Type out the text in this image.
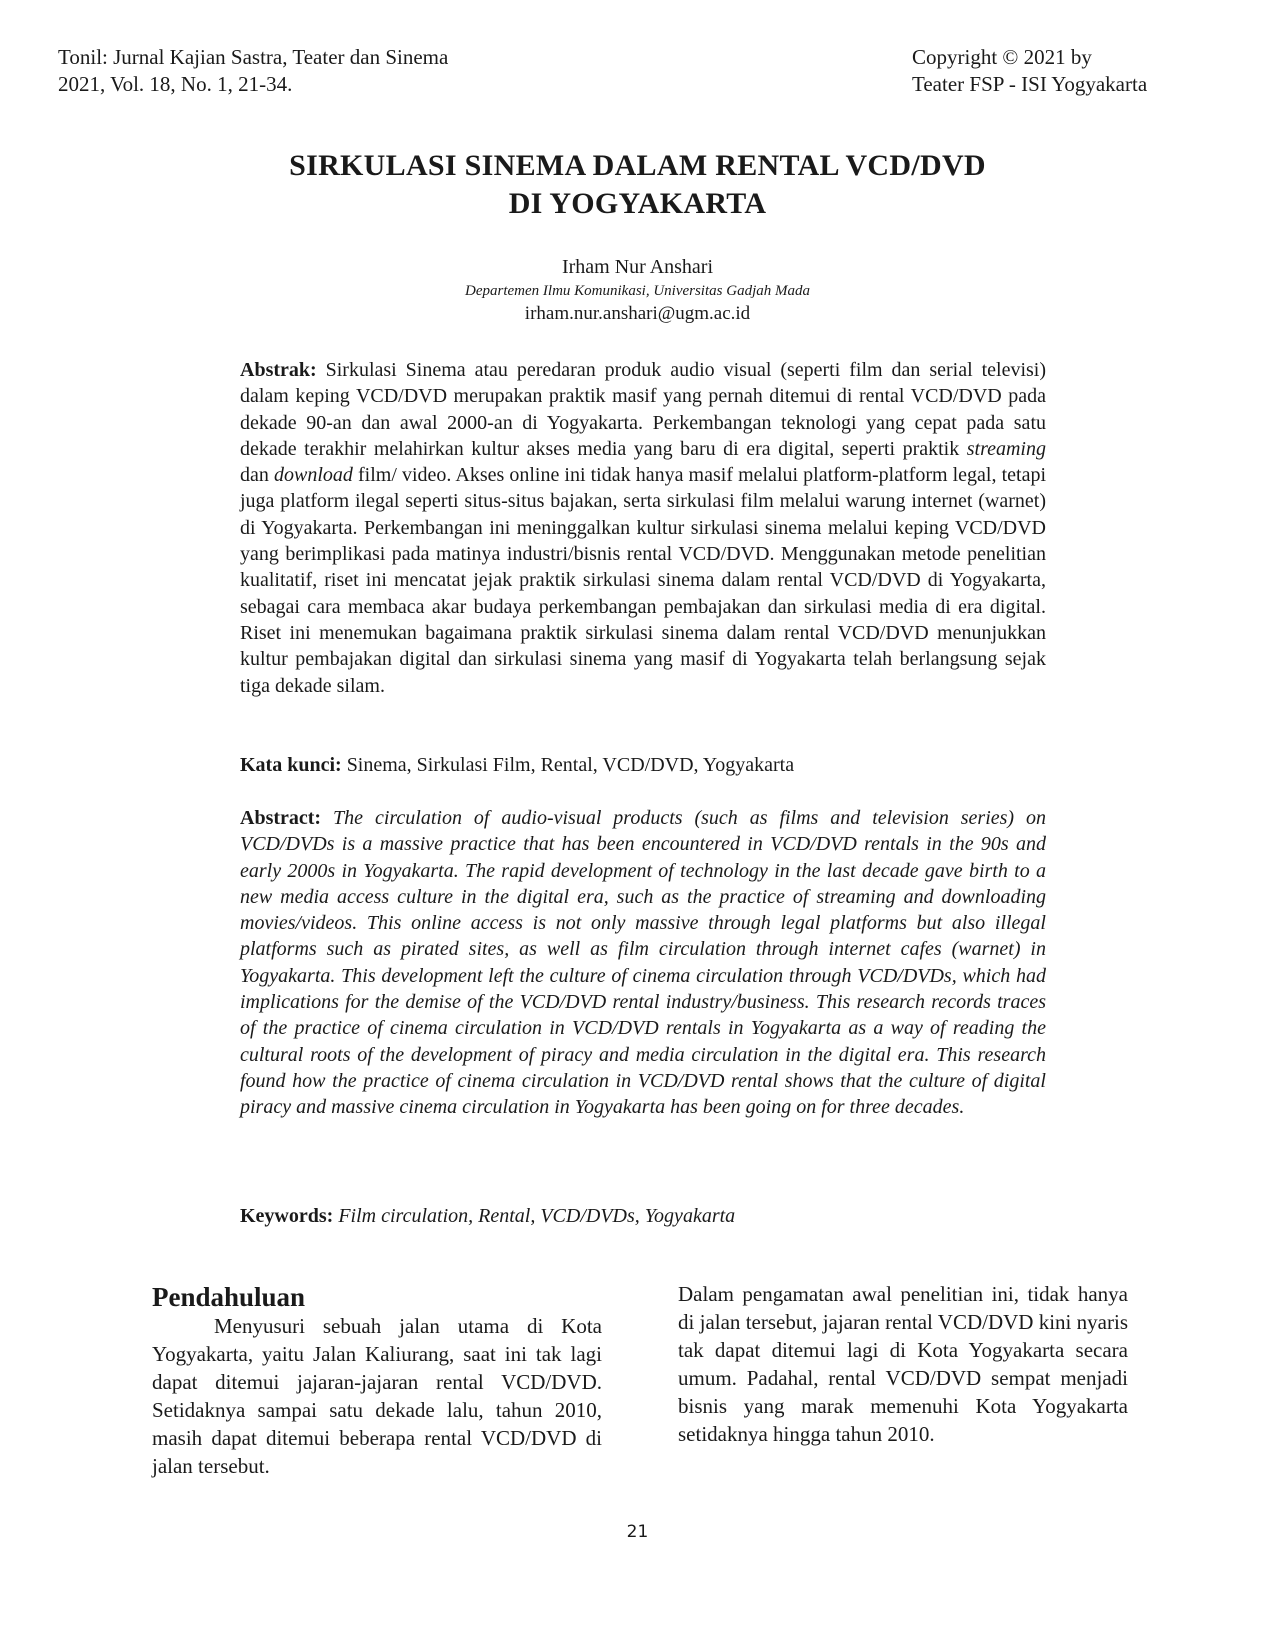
Tonil: Jurnal Kajian Sastra, Teater dan Sinema
2021, Vol. 18, No. 1, 21-34.
Copyright © 2021 by
Teater FSP - ISI Yogyakarta
SIRKULASI SINEMA DALAM RENTAL VCD/DVD
DI YOGYAKARTA
Irham Nur Anshari
Departemen Ilmu Komunikasi, Universitas Gadjah Mada
irham.nur.anshari@ugm.ac.id
Abstrak: Sirkulasi Sinema atau peredaran produk audio visual (seperti film dan serial televisi) dalam keping VCD/DVD merupakan praktik masif yang pernah ditemui di rental VCD/DVD pada dekade 90-an dan awal 2000-an di Yogyakarta. Perkembangan teknologi yang cepat pada satu dekade terakhir melahirkan kultur akses media yang baru di era digital, seperti praktik streaming dan download film/ video. Akses online ini tidak hanya masif melalui platform-platform legal, tetapi juga platform ilegal seperti situs-situs bajakan, serta sirkulasi film melalui warung internet (warnet) di Yogyakarta. Perkembangan ini meninggalkan kultur sirkulasi sinema melalui keping VCD/DVD yang berimplikasi pada matinya industri/bisnis rental VCD/DVD. Menggunakan metode penelitian kualitatif, riset ini mencatat jejak praktik sirkulasi sinema dalam rental VCD/DVD di Yogyakarta, sebagai cara membaca akar budaya perkembangan pembajakan dan sirkulasi media di era digital. Riset ini menemukan bagaimana praktik sirkulasi sinema dalam rental VCD/DVD menunjukkan kultur pembajakan digital dan sirkulasi sinema yang masif di Yogyakarta telah berlangsung sejak tiga dekade silam.
Kata kunci: Sinema, Sirkulasi Film, Rental, VCD/DVD, Yogyakarta
Abstract: The circulation of audio-visual products (such as films and television series) on VCD/DVDs is a massive practice that has been encountered in VCD/DVD rentals in the 90s and early 2000s in Yogyakarta. The rapid development of technology in the last decade gave birth to a new media access culture in the digital era, such as the practice of streaming and downloading movies/videos. This online access is not only massive through legal platforms but also illegal platforms such as pirated sites, as well as film circulation through internet cafes (warnet) in Yogyakarta. This development left the culture of cinema circulation through VCD/DVDs, which had implications for the demise of the VCD/DVD rental industry/business. This research records traces of the practice of cinema circulation in VCD/DVD rentals in Yogyakarta as a way of reading the cultural roots of the development of piracy and media circulation in the digital era. This research found how the practice of cinema circulation in VCD/DVD rental shows that the culture of digital piracy and massive cinema circulation in Yogyakarta has been going on for three decades.
Keywords: Film circulation, Rental, VCD/DVDs, Yogyakarta
Pendahuluan

Menyusuri sebuah jalan utama di Kota Yogyakarta, yaitu Jalan Kaliurang, saat ini tak lagi dapat ditemui jajaran-jajaran rental VCD/DVD. Setidaknya sampai satu dekade lalu, tahun 2010, masih dapat ditemui beberapa rental VCD/DVD di jalan tersebut.

Dalam pengamatan awal penelitian ini, tidak hanya di jalan tersebut, jajaran rental VCD/DVD kini nyaris tak dapat ditemui lagi di Kota Yogyakarta secara umum. Padahal, rental VCD/DVD sempat menjadi bisnis yang marak memenuhi Kota Yogyakarta setidaknya hingga tahun 2010.

21
